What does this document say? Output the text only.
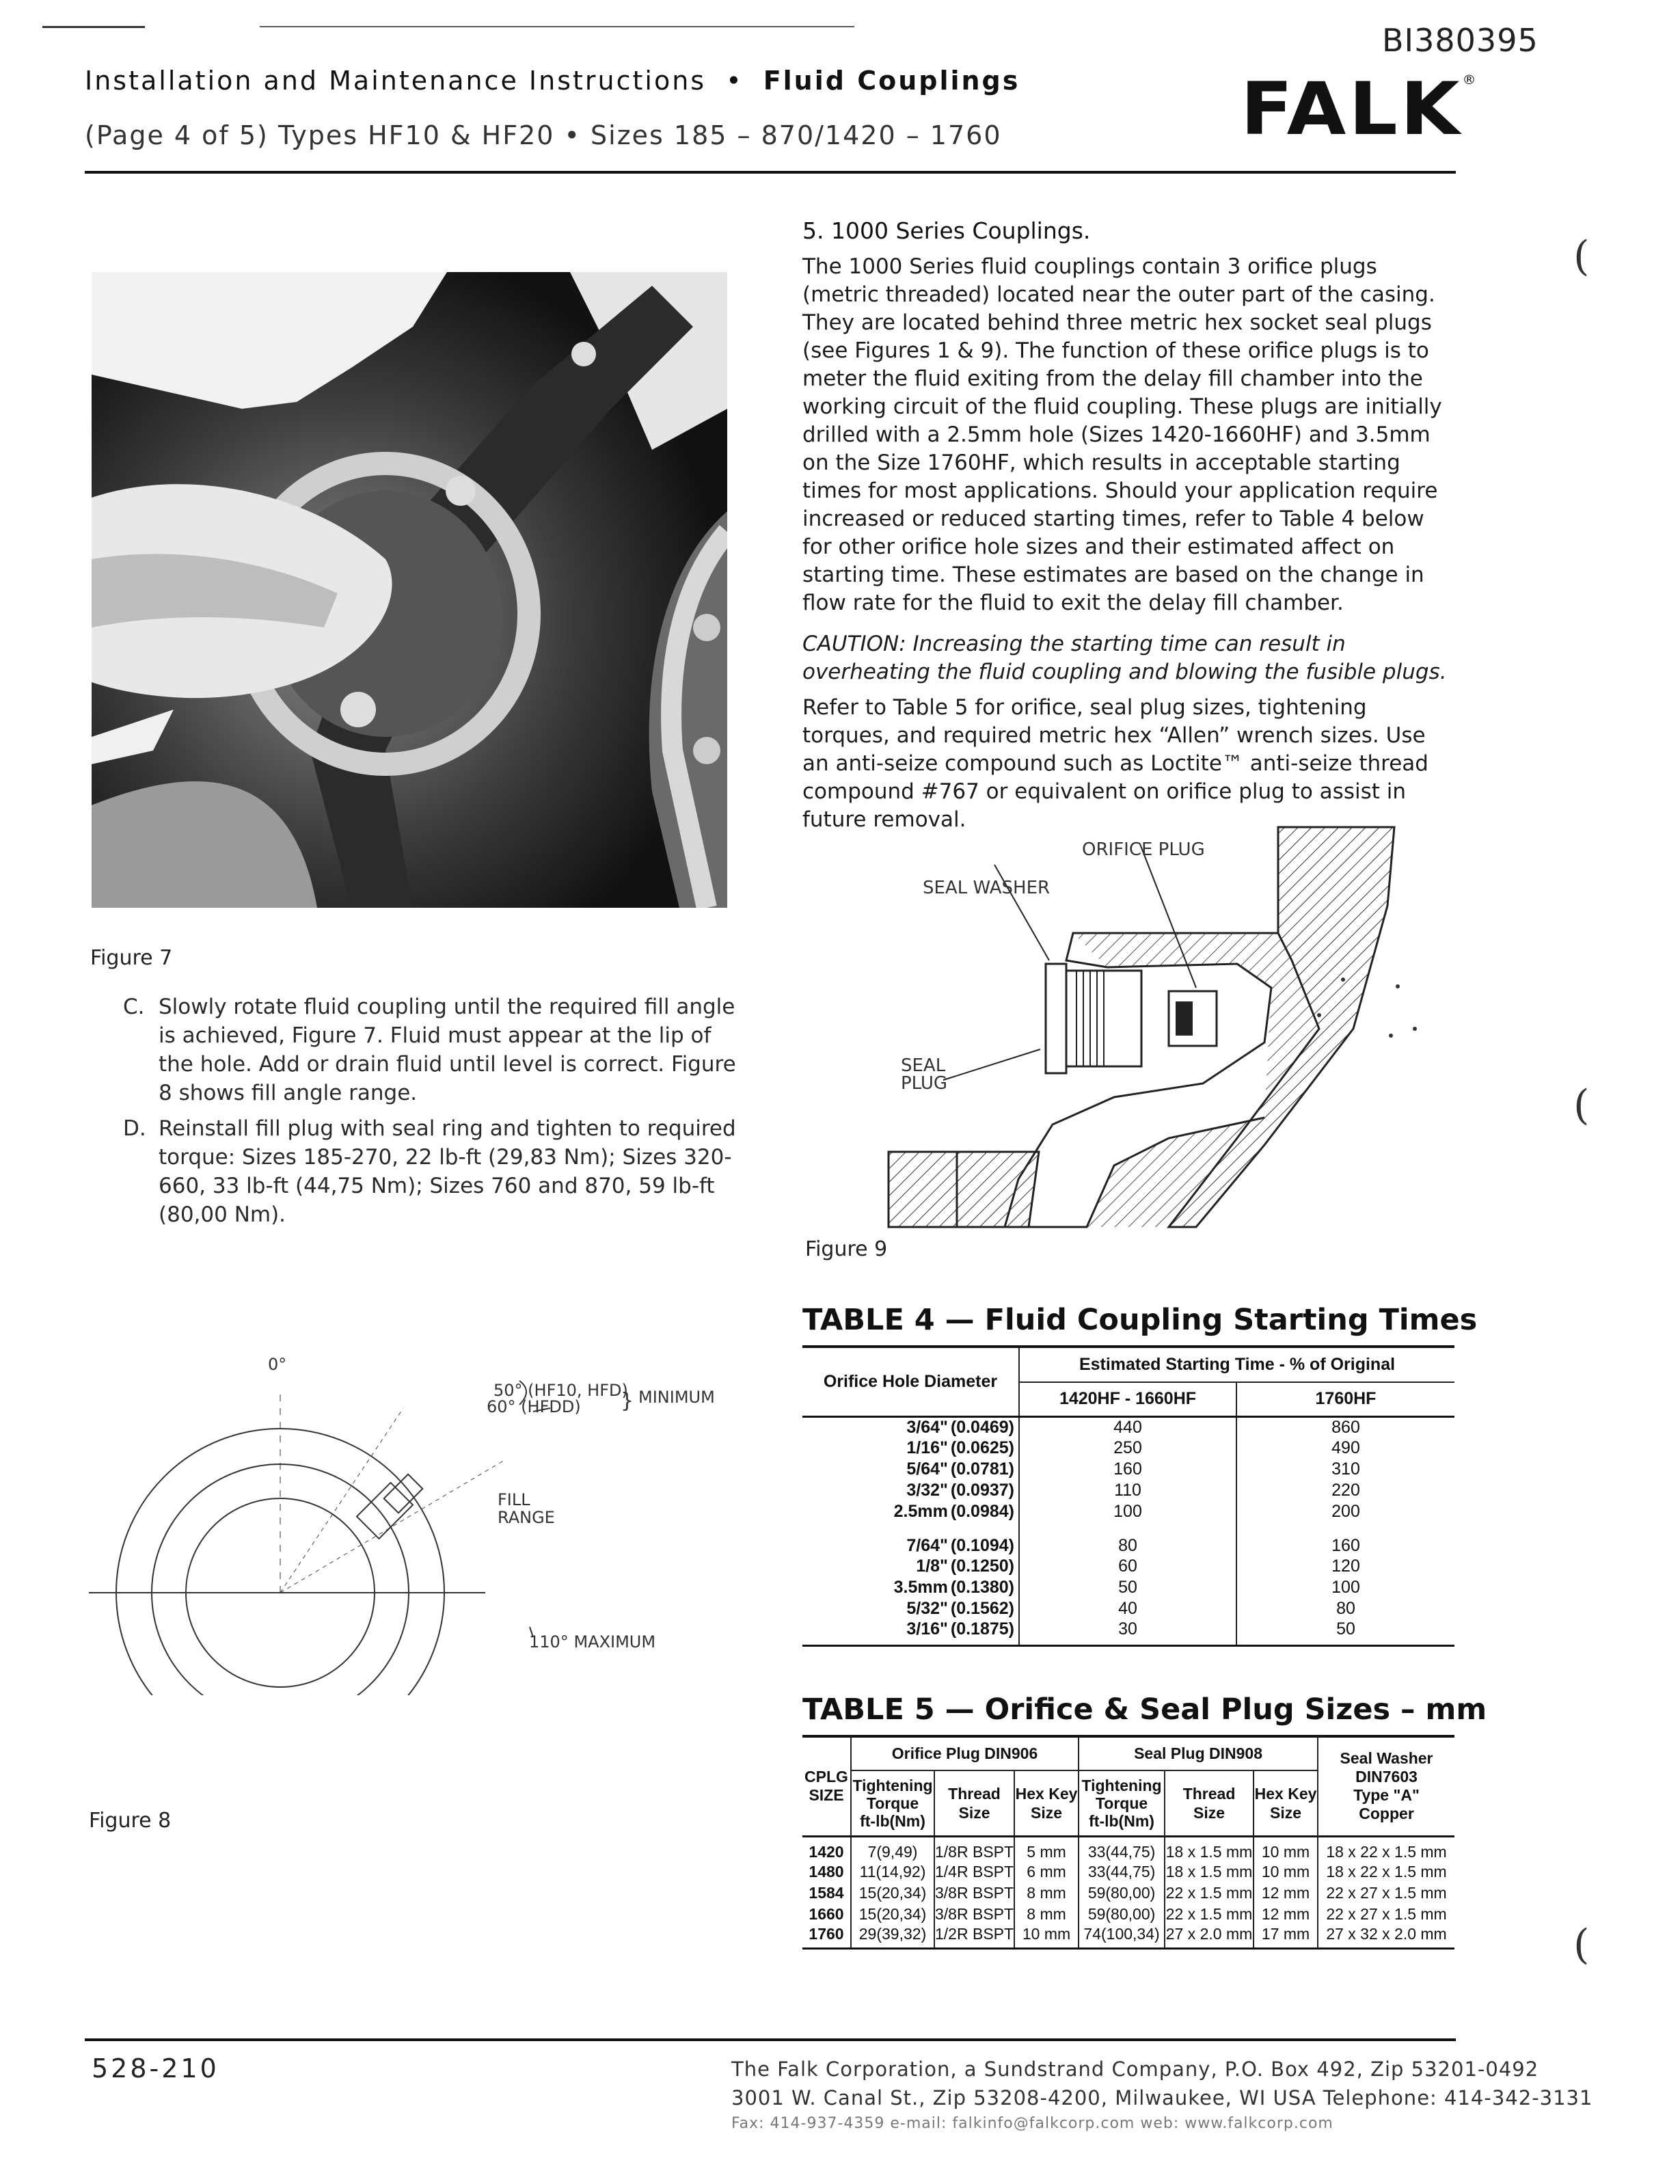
BI380395
Installation and Maintenance Instructions • Fluid Couplings
(Page 4 of 5) Types HF10 & HF20 • Sizes 185 – 870/1420 – 1760	FALK®
Figure 7
C. Slowly rotate fluid coupling until the required fill angle is achieved, Figure 7. Fluid must appear at the lip of the hole. Add or drain fluid until level is correct. Figure 8 shows fill angle range.
D. Reinstall fill plug with seal ring and tighten to required torque: Sizes 185-270, 22 lb-ft (29,83 Nm); Sizes 320-660, 33 lb-ft (44,75 Nm); Sizes 760 and 870, 59 lb-ft (80,00 Nm).
0°
50° (HF10, HFD)
60° (HFDD) } MINIMUM
FILL
RANGE
110° MAXIMUM
Figure 8
5. 1000 Series Couplings.
The 1000 Series fluid couplings contain 3 orifice plugs (metric threaded) located near the outer part of the casing. They are located behind three metric hex socket seal plugs (see Figures 1 & 9). The function of these orifice plugs is to meter the fluid exiting from the delay fill chamber into the working circuit of the fluid coupling. These plugs are initially drilled with a 2.5mm hole (Sizes 1420-1660HF) and 3.5mm on the Size 1760HF, which results in acceptable starting times for most applications. Should your application require increased or reduced starting times, refer to Table 4 below for other orifice hole sizes and their estimated affect on starting time. These estimates are based on the change in flow rate for the fluid to exit the delay fill chamber.
CAUTION: Increasing the starting time can result in overheating the fluid coupling and blowing the fusible plugs.
Refer to Table 5 for orifice, seal plug sizes, tightening torques, and required metric hex “Allen” wrench sizes. Use an anti-seize compound such as Loctite™ anti-seize thread compound #767 or equivalent on orifice plug to assist in future removal.
ORIFICE PLUG
SEAL WASHER
SEAL
PLUG
Figure 9
TABLE 4 — Fluid Coupling Starting Times
Orifice Hole Diameter	Estimated Starting Time - % of Original	
	1420HF - 1660HF	1760HF
3/64" (0.0469)	440	860
1/16" (0.0625)	250	490
5/64" (0.0781)	160	310
3/32" (0.0937)	110	220
2.5mm (0.0984)	100	200
7/64" (0.1094)	80	160
1/8" (0.1250)	60	120
3.5mm (0.1380)	50	100
5/32" (0.1562)	40	80
3/16" (0.1875)	30	50
TABLE 5 — Orifice & Seal Plug Sizes – mm
CPLG
SIZE	Orifice Plug DIN906			Seal Plug DIN908			Seal Washer
DIN7603
Type "A"
Copper
	Tightening
Torque
ft-lb(Nm)	Thread
Size	Hex Key
Size	Tightening
Torque
ft-lb(Nm)	Thread
Size	Hex Key
Size	
1420	7(9,49)	1/8R BSPT	5 mm	33(44,75)	18 x 1.5 mm	10 mm	18 x 22 x 1.5 mm
1480	11(14,92)	1/4R BSPT	6 mm	33(44,75)	18 x 1.5 mm	10 mm	18 x 22 x 1.5 mm
1584	15(20,34)	3/8R BSPT	8 mm	59(80,00)	22 x 1.5 mm	12 mm	22 x 27 x 1.5 mm
1660	15(20,34)	3/8R BSPT	8 mm	59(80,00)	22 x 1.5 mm	12 mm	22 x 27 x 1.5 mm
1760	29(39,32)	1/2R BSPT	10 mm	74(100,34)	27 x 2.0 mm	17 mm	27 x 32 x 2.0 mm
(
(
(
528-210	The Falk Corporation, a Sundstrand Company, P.O. Box 492, Zip 53201-0492
3001 W. Canal St., Zip 53208-4200, Milwaukee, WI USA Telephone: 414-342-3131
Fax: 414-937-4359 e-mail: falkinfo@falkcorp.com web: www.falkcorp.com
